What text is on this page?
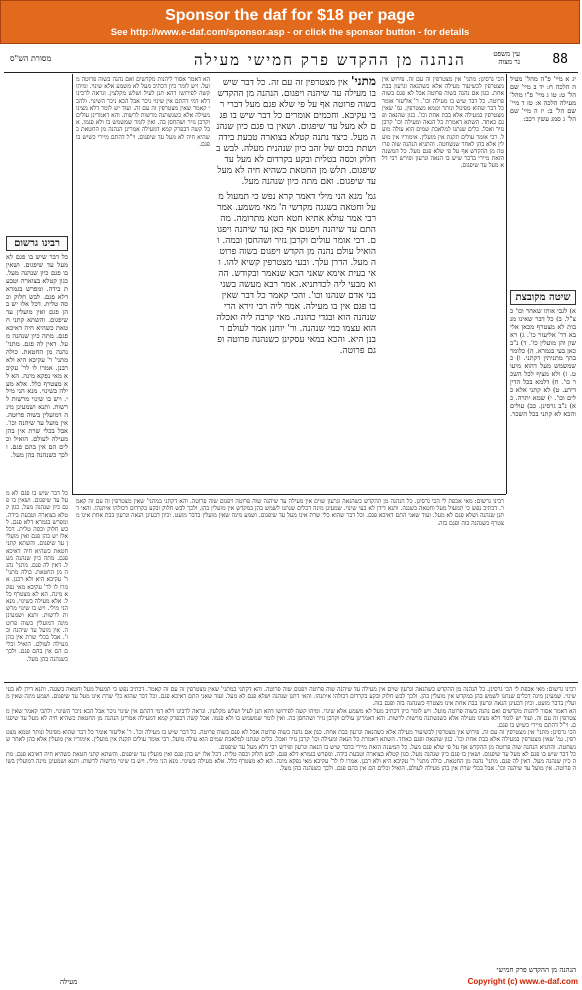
Sponsor the daf for $18 per page
See http://www.e-daf.com/sponsor.asp - or click the sponsor button - for details
88
עין משפט
נר מצוה
הנהנה מן ההקדש פרק חמישי מעילה
מסורת הש"ס
יג א מיי' פ"ה מהל' מעילה הלכה ח: יד ב מיי' שם הל' ט: טו ג מיי' פ"ו מהל' מעילה הלכה א: טז ד מיי' שם הל' ב: יז ה מיי' שם הל' ג סמג עשין רכב:
שיטה מקובצת
א) לגבי אותו שאחר וכו' כצ"ל. ב) כל דבר שאינו מנבות לא מצטרף מכאן אליבא דר' אליעזר כו'. ג) ראשון והן מועלין כו'. ד) נ"ב כאן בעי בגמרא. ה) כלומר בהך מתניתין דקתני. ו) כשמשמש מעל דהוא מיעוט. ז) ולא מציף לכל השכר כו'. ח) דלמא בכל הדין דידע. ט) לא קתני אלא כלים וכו'. י) שמא יתרה. כא) נ"ב גרסינן. כב) עולים והכא לא קתני בכל השכר.
הכי גרסינן: מתני' אין מצטרפין זה עם זה. פירוש אין מצטרפין לכשיעור מעילה אלא כשהנאה וגרעון בבת אחת. כגון אם נהנה בשוה פרוטה אבל לא פגם בשוה פרוטה. כל דבר שיש בו מעילה וכו'. ר' אליעזר אומר כל דבר שהוא מפיגול ונותר וטמא מצטרפין. גמ' שאין מצטרפין במעילה אלא בבת אחת וכו'. כגון שהנאה ופגם כאחד. השתא דאמרת כל הנאה ומעילה וכו' קרבן נזיר ואכל. כלים שנתנו למלאכת שמים הוא עולה מועל. רבי אומר עולים תקנת אין מועלין. אימוריו אין מועלין אלא בהן לאחר שנשחטה. והתניא הנהנה שוה פרוטה מן ההקדש אף על פי שלא פגם מעל. כל המשנה הזאת מיירי בדבר שיש בו הנאה וגרעון ופירש רבי דלא מעל עד שיפגום.
מתני' אין מצטרפין זה עם זה. כל דבר שיש בו מעילה עד שיהנה ויפגום. הנהנה מן ההקדש בשוה פרוטה אף על פי שלא פגם מעל דברי רבי עקיבא. וחכמים אומרים כל דבר שיש בו פגם לא מעל עד שיפגום. ושאין בו פגם כיון שנהנה מעל. כיצד נתנה קטלא בצוארה טבעת בידה ושתת בכוס של זהב כיון שנהנית מעלה. לבש בחלוק וכסה בטלית ובקע בקרדום לא מעל עד שיפגום. תלש מן החטאת כשהיא חיה לא מעל עד שיפגום. ואם מתה כיון שנהנה מעל.
גמ' מנא הני מילי דאמר קרא נפש כי תמעול מעל וחטאה בשגגה מקדשי ה' מאי משמע. אמר רבי אמר עולא אתיא חטא חטא מתרומה. מה התם עד שיהנה ויפגום אף כאן עד שיהנה ויפגום. רבי אומר עולים וקרבן נזיר ושהחסן ובמה. והואיל עולם נהנה מן הקדש ויפגום בשוה פרוטה מעל. הדרן עלך. ובעי מצטרפין קשיא להו. ואי בעית אימא שאני הכא שנאמר ובקודש. ההוא מבעי ליה לכדתניא. אמר רבא מעשה בשני בני אדם שנהנו וכו'. והכי קאמר כל דבר שאין בו פגם אין בו מעילה. אמר ליה רבי זירא הרי שנהנה הוא ובגדי כהונה. מאי קרבה ליה ואכלה הוא עצמו כמי שנהנה. ור' יוחנן אמר לעולם רבנן היא. והכא במאי עסקינן כשנהנה פרוטה ופגם פרוטה.
הא דאמר אסור ליהנות מקדשים ואם נהנה בשוה פרוטה מועל. ויש לומר כיון דכתיב מעל לא משמע אלא שינוי. ומיהו קשה לפירושו דהא תנן לעיל ושלש מקלעין. ונראה לרבינו דלא דמי דהתם אין שינוי ניכר אבל הכא ניכר השינוי. ולהכי קאמר שאין מצטרפין זה עם זה. ועוד יש לומר דלא מצינו מעילה אלא כשנשתנה מרשות לרשות. והא דאמרינן עולים וקרבן נזיר ושהחסן בה. ואין לומר שמשמש בו ולא פגמו. אבל קשה דבפרק קמא דמעילה אמרינן הנהנה מן החטאת כשהיא חיה לא מעל עד שיפגום. וי"ל דהתם מיירי כשיש בו פגם.
רבינו גרשום
כל דבר שיש בו פגם לא מעל עד שיפגום. ושאין בו פגם כיון שנהנה מעל. כגון קטלא בצוארה וטבעת בידה. ומפרש בגמרא דלא פגם. לבש חלוק וכסה טלית. דכל אלו יש בהן פגם ואין מועלין עד שיפגום. והשתא קתני חטאת כשהיא חיה דאיכא פגם. מתה כיון שנהנה מעל. דאין לה פגם. מתני' נהנה מן החטאת. כולה מתני' ר' עקיבא היא ולא רבנן. אמרו לו לר' עקיבא מאי נפקא מינה. הא לא מצטרף כלל. אלא מעילה בשינוי. מנא הני מילי. ויש בו שינוי מרשות לרשות. ותנא ושמעינן מינה דמועלין בשוה פרוטה. אין מועל עד שיהנה וכו'. אבל בכלי שרת אין בהן מעילה לעולם. הואיל וכלים הם אין בהם פגם. ולכך כשנהנה בהן מעל.
רבינו גרשום: מאי אכפת לי הכי גרסינן. כל הנהנה מן ההקדש כשהנאה וגרעון שוים אין מעילה עד שיהנה שוה פרוטה ויפגום שוה פרוטה. והא דקתני במתני' שאין מצטרפין זה עם זה קאמר. דכתיב נפש כי תמעול מעל וחטאה בשגגה. ותנא דידן לא בעי שינוי. שמעינן מינה דכלים שנתנו לשמש בהן במקדש אין מועלין בהן. ולכך לבש חלוק ובקע בקרדום דכולהו איתנהו. והאי דתנן שנהנה ושלא פגם לא מעל. ועוד שאני התם דאיכא פגם. וכל דבר שהוא כלי שרת אינו מעל עד שיפגום. ושמע מינה שאין מועלין בדבר מועט. וכיון דבעינן הנאה וגרעון בבת אחת אינו מצטרף כשנהנה בזה ופגם בזה.
כל דבר שיש בו פגם לא מעל עד שיפגום. ושאין בו פגם כיון שנהנה מעל. כגון קטלא בצוארה וטבעת בידה. ומפרש בגמרא דלא פגם. לבש חלוק וכסה טלית. דכל אלו יש בהן פגם ואין מועלין עד שיפגום. והשתא קתני חטאת כשהיא חיה דאיכא פגם. מתה כיון שנהנה מעל. דאין לה פגם. מתני' נהנה מן החטאת. כולה מתני' ר' עקיבא היא ולא רבנן. אמרו לו לר' עקיבא מאי נפקא מינה. הא לא מצטרף כלל. אלא מעילה בשינוי. מנא הני מילי. ויש בו שינוי מרשות לרשות. ותנא ושמעינן מינה דמועלין בשוה פרוטה. אין מועל עד שיהנה וכו'. אבל בכלי שרת אין בהן מעילה לעולם. הואיל וכלים הם אין בהם פגם. ולכך כשנהנה בהן מעל.
רבינו גרשום: מאי אכפת לי הכי גרסינן. כל הנהנה מן ההקדש כשהנאה וגרעון שוים אין מעילה עד שיהנה שוה פרוטה ויפגום שוה פרוטה. והא דקתני במתני' שאין מצטרפין זה עם זה קאמר. דכתיב נפש כי תמעול מעל וחטאה בשגגה. ותנא דידן לא בעי שינוי. שמעינן מינה דכלים שנתנו לשמש בהן במקדש אין מועלין בהן. ולכך לבש חלוק ובקע בקרדום דכולהו איתנהו. והאי דתנן שנהנה ושלא פגם לא מעל. ועוד שאני התם דאיכא פגם. וכל דבר שהוא כלי שרת אינו מעל עד שיפגום. ושמע מינה שאין מועלין בדבר מועט. וכיון דבעינן הנאה וגרעון בבת אחת אינו מצטרף כשנהנה בזה ופגם בזה.
הא דאמר אסור ליהנות מקדשים ואם נהנה בשוה פרוטה מועל. ויש לומר כיון דכתיב מעל לא משמע אלא שינוי. ומיהו קשה לפירושו דהא תנן לעיל ושלש מקלעין. ונראה לרבינו דלא דמי דהתם אין שינוי ניכר אבל הכא ניכר השינוי. ולהכי קאמר שאין מצטרפין זה עם זה. ועוד יש לומר דלא מצינו מעילה אלא כשנשתנה מרשות לרשות. והא דאמרינן עולים וקרבן נזיר ושהחסן בה. ואין לומר שמשמש בו ולא פגמו. אבל קשה דבפרק קמא דמעילה אמרינן הנהנה מן החטאת כשהיא חיה לא מעל עד שיפגום. וי"ל דהתם מיירי כשיש בו פגם.
הכי גרסינן: מתני' אין מצטרפין זה עם זה. פירוש אין מצטרפין לכשיעור מעילה אלא כשהנאה וגרעון בבת אחת. כגון אם נהנה בשוה פרוטה אבל לא פגם בשוה פרוטה. כל דבר שיש בו מעילה וכו'. ר' אליעזר אומר כל דבר שהוא מפיגול ונותר וטמא מצטרפין. גמ' שאין מצטרפין במעילה אלא בבת אחת וכו'. כגון שהנאה ופגם כאחד. השתא דאמרת כל הנאה ומעילה וכו' קרבן נזיר ואכל. כלים שנתנו למלאכת שמים הוא עולה מועל. רבי אומר עולים תקנת אין מועלין. אימוריו אין מועלין אלא בהן לאחר שנשחטה. והתניא הנהנה שוה פרוטה מן ההקדש אף על פי שלא פגם מעל. כל המשנה הזאת מיירי בדבר שיש בו הנאה וגרעון ופירש רבי דלא מעל עד שיפגום.
כל דבר שיש בו פגם לא מעל עד שיפגום. ושאין בו פגם כיון שנהנה מעל. כגון קטלא בצוארה וטבעת בידה. ומפרש בגמרא דלא פגם. לבש חלוק וכסה טלית. דכל אלו יש בהן פגם ואין מועלין עד שיפגום. והשתא קתני חטאת כשהיא חיה דאיכא פגם. מתה כיון שנהנה מעל. דאין לה פגם. מתני' נהנה מן החטאת. כולה מתני' ר' עקיבא היא ולא רבנן. אמרו לו לר' עקיבא מאי נפקא מינה. הא לא מצטרף כלל. אלא מעילה בשינוי. מנא הני מילי. ויש בו שינוי מרשות לרשות. ותנא ושמעינן מינה דמועלין בשוה פרוטה. אין מועל עד שיהנה וכו'. אבל בכלי שרת אין בהן מעילה לעולם. הואיל וכלים הם אין בהם פגם. ולכך כשנהנה בהן מעל.
הנהנה מן ההקדש פרק חמישי
מעילה	Copyright (c) www.e-daf.com
